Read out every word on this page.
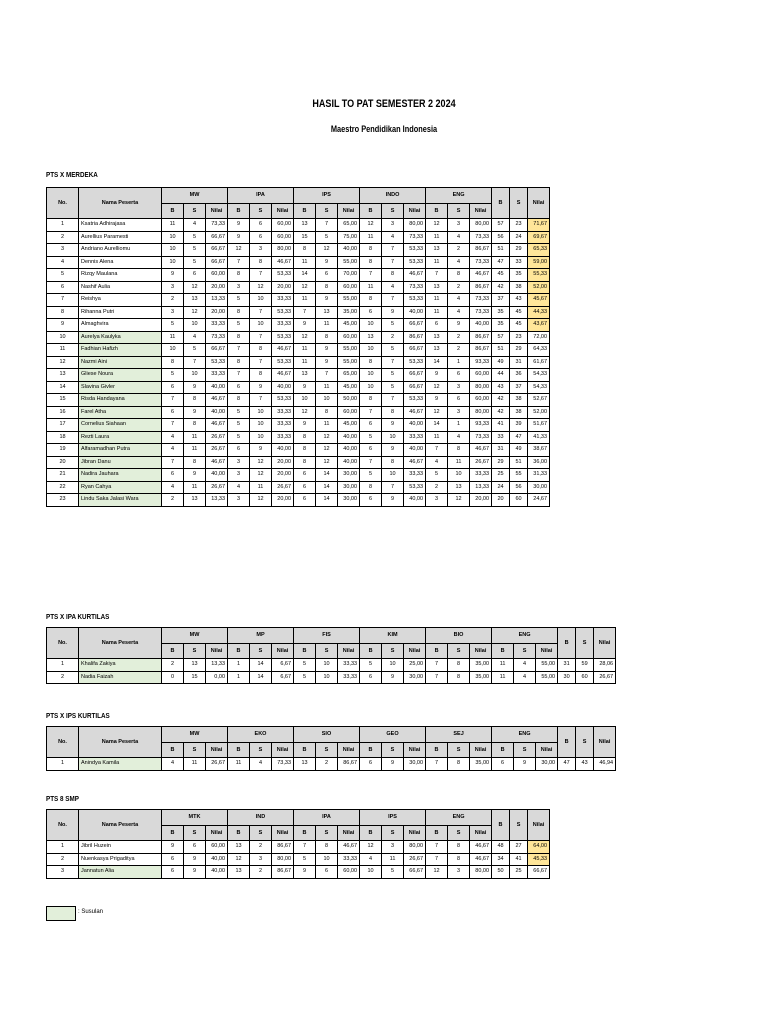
HASIL TO PAT SEMESTER 2 2024
Maestro Pendidikan Indonesia
PTS X MERDEKA
No.	Nama Peserta	MW			IPA			IPS			INDO			ENG			B	S	Nilai
		B	S	Nilai	B	S	Nilai	B	S	Nilai	B	S	Nilai	B	S	Nilai			
1	Ksatria Adhirajasa	11	4	73,33	9	6	60,00	13	7	65,00	12	3	80,00	12	3	80,00	57	23	71,67
2	Aurellius Paramesti	10	5	66,67	9	6	60,00	15	5	75,00	11	4	73,33	11	4	73,33	56	24	69,67
3	Andriano Aurelliomu	10	5	66,67	12	3	80,00	8	12	40,00	8	7	53,33	13	2	86,67	51	29	65,33
4	Dennis Alena	10	5	66,67	7	8	46,67	11	9	55,00	8	7	53,33	11	4	73,33	47	33	59,00
5	Rizqy Maulana	9	6	60,00	8	7	53,33	14	6	70,00	7	8	46,67	7	8	46,67	45	35	55,33
6	Nashif Aulia	3	12	20,00	3	12	20,00	12	8	60,00	11	4	73,33	13	2	86,67	42	38	52,00
7	Reishya	2	13	13,33	5	10	33,33	11	9	55,00	8	7	53,33	11	4	73,33	37	43	45,67
8	Rihanna Putri	3	12	20,00	8	7	53,33	7	13	35,00	6	9	40,00	11	4	73,33	35	45	44,33
9	Almaghvira	5	10	33,33	5	10	33,33	9	11	45,00	10	5	66,67	6	9	40,00	35	45	43,67
10	Aurelya Kaulyka	11	4	73,33	8	7	53,33	12	8	60,00	13	2	86,67	13	2	86,67	57	23	72,00
11	Fadhian Hafizh	10	5	66,67	7	8	46,67	11	9	55,00	10	5	66,67	13	2	86,67	51	29	64,33
12	Nazmi Aini	8	7	53,33	8	7	53,33	11	9	55,00	8	7	53,33	14	1	93,33	49	31	61,67
13	Gliese Noura	5	10	33,33	7	8	46,67	13	7	65,00	10	5	66,67	9	6	60,00	44	36	54,33
14	Slavina Givler	6	9	40,00	6	9	40,00	9	11	45,00	10	5	66,67	12	3	80,00	43	37	54,33
15	Risda Handayana	7	8	46,67	8	7	53,33	10	10	50,00	8	7	53,33	9	6	60,00	42	38	52,67
16	Farel Atha	6	9	40,00	5	10	33,33	12	8	60,00	7	8	46,67	12	3	80,00	42	38	52,00
17	Cornelius Siahaan	7	8	46,67	5	10	33,33	9	11	45,00	6	9	40,00	14	1	93,33	41	39	51,67
18	Rezti Laura	4	11	26,67	5	10	33,33	8	12	40,00	5	10	33,33	11	4	73,33	33	47	41,33
19	Alfaramadhan Putra	4	11	26,67	6	9	40,00	8	12	40,00	6	9	40,00	7	8	46,67	31	49	38,67
20	Jibran Danu	7	8	46,67	3	12	20,00	8	12	40,00	7	8	46,67	4	11	26,67	29	51	36,00
21	Nadira Jauhara	6	9	40,00	3	12	20,00	6	14	30,00	5	10	33,33	5	10	33,33	25	55	31,33
22	Ryan Cahya	4	11	26,67	4	11	26,67	6	14	30,00	8	7	53,33	2	13	13,33	24	56	30,00
23	Lindu Saka Jalasi Wara	2	13	13,33	3	12	20,00	6	14	30,00	6	9	40,00	3	12	20,00	20	60	24,67
PTS X IPA KURTILAS
No.	Nama Peserta	MW			MP			FIS			KIM			BIO			ENG			B	S	Nilai
		B	S	Nilai	B	S	Nilai	B	S	Nilai	B	S	Nilai	B	S	Nilai	B	S	Nilai			
1	Khalifa Zakiya	2	13	13,33	1	14	6,67	5	10	33,33	5	10	25,00	7	8	35,00	11	4	55,00	31	59	28,06
2	Nadia Faizah	0	15	0,00	1	14	6,67	5	10	33,33	6	9	30,00	7	8	35,00	11	4	55,00	30	60	26,67
PTS X IPS KURTILAS
No.	Nama Peserta	MW			EKO			SIO			GEO			SEJ			ENG			B	S	Nilai
		B	S	Nilai	B	S	Nilai	B	S	Nilai	B	S	Nilai	B	S	Nilai	B	S	Nilai			
1	Anindya Kamila	4	11	26,67	11	4	73,33	13	2	86,67	6	9	30,00	7	8	35,00	6	9	30,00	47	43	46,94
PTS 8 SMP
No.	Nama Peserta	MTK			IND			IPA			IPS			ENG			B	S	Nilai
		B	S	Nilai	B	S	Nilai	B	S	Nilai	B	S	Nilai	B	S	Nilai			
1	Jibril Huzein	9	6	60,00	13	2	86,67	7	8	46,67	12	3	80,00	7	8	46,67	48	27	64,00
2	Nuenkasya Prigaditya	6	9	40,00	12	3	80,00	5	10	33,33	4	11	26,67	7	8	46,67	34	41	45,33
3	Jannatun Alia	6	9	40,00	13	2	86,67	9	6	60,00	10	5	66,67	12	3	80,00	50	25	66,67
: Susulan
